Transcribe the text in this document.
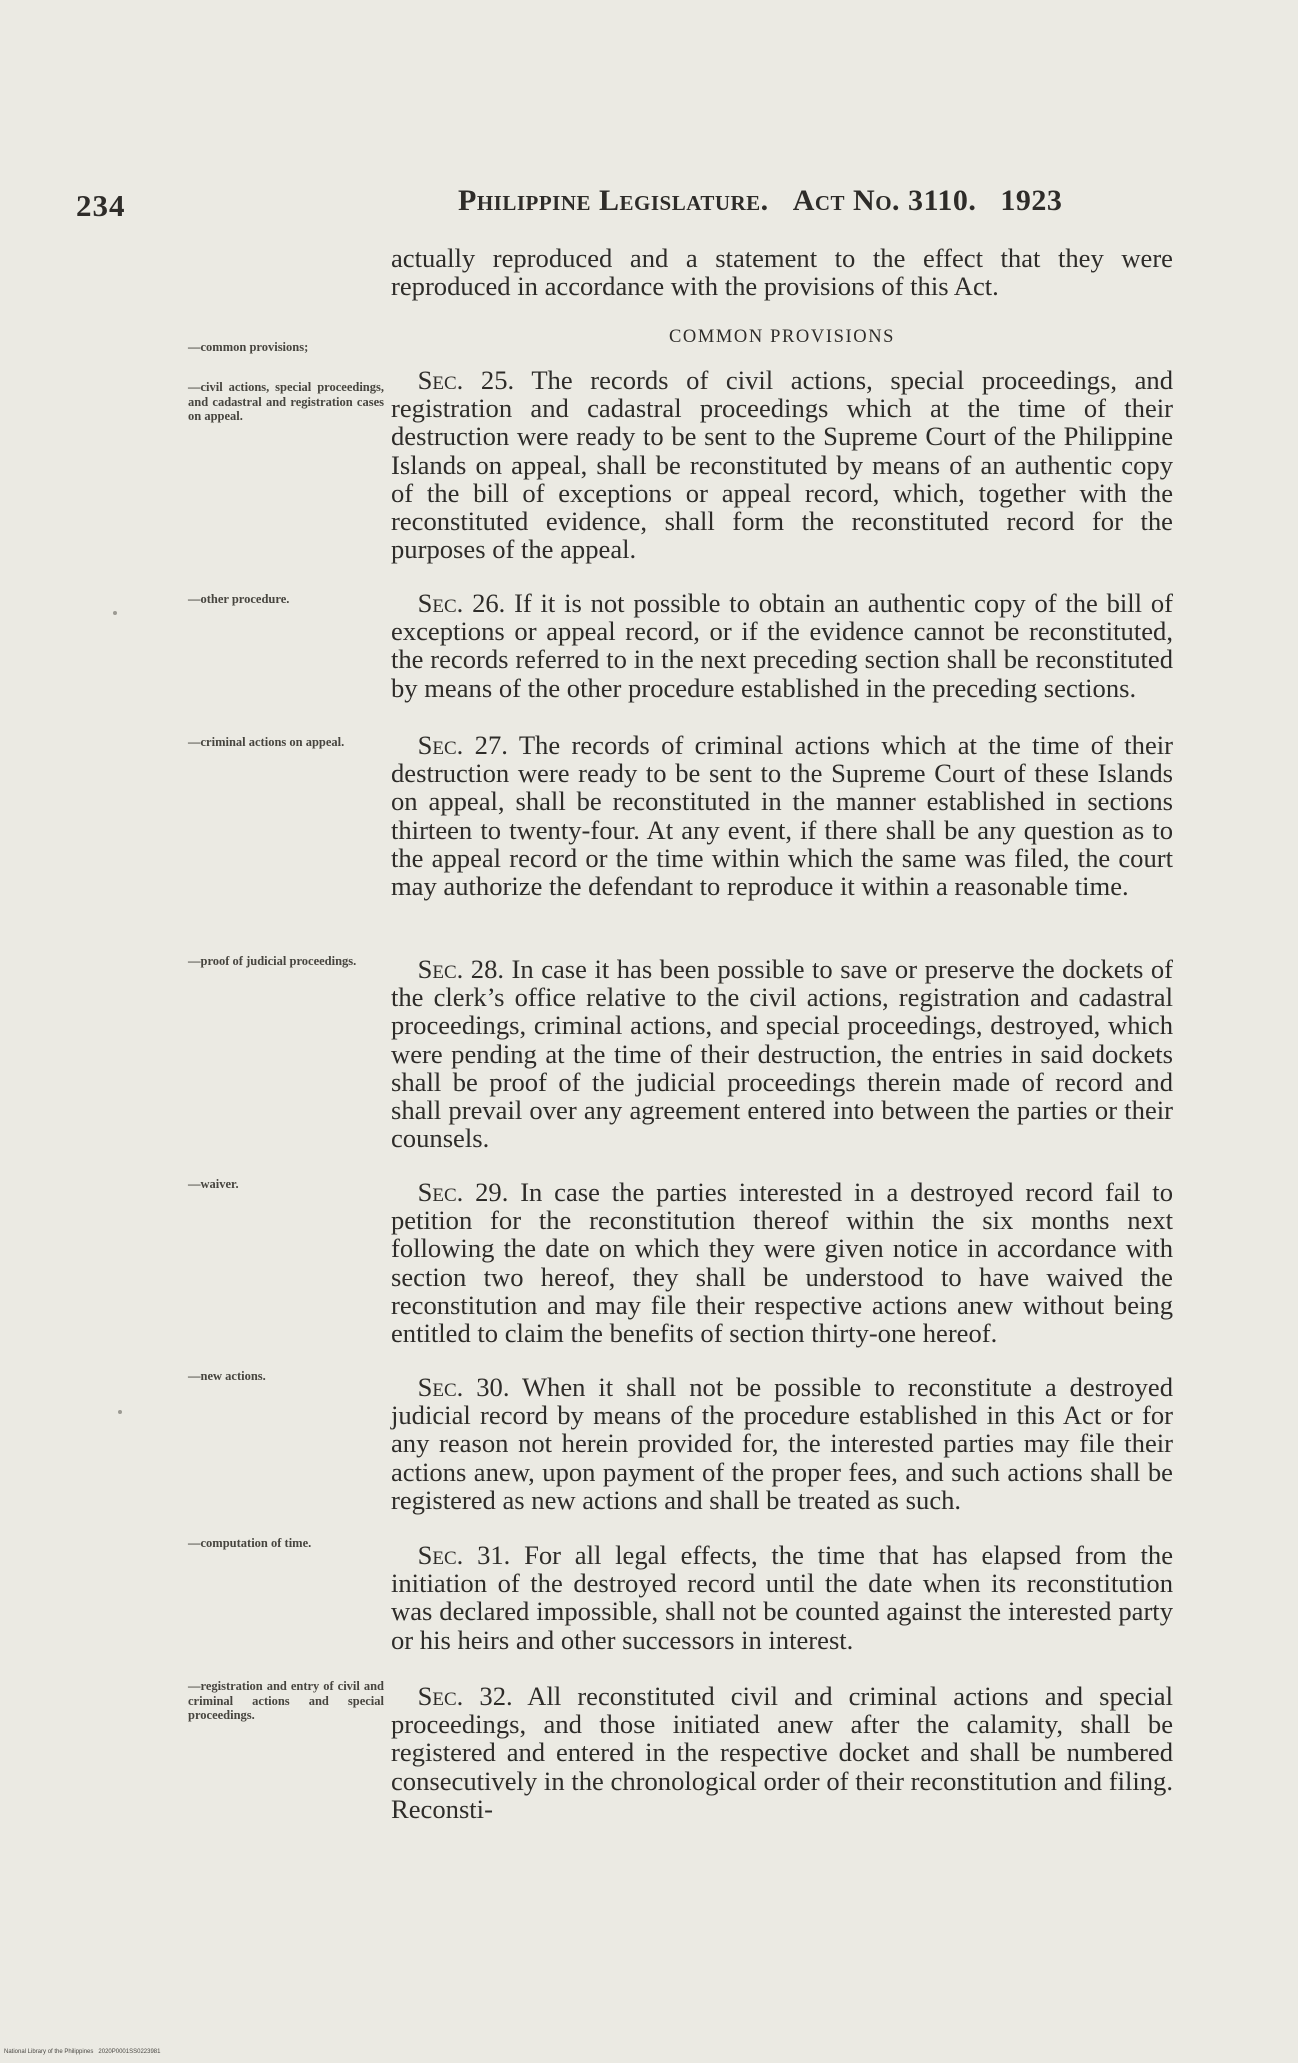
234	Philippine Legislature. Act No. 3110. 1923

actually reproduced and a statement to the effect that they were reproduced in accordance with the provisions of this Act.

COMMON PROVISIONS

—common provisions;

—civil actions, special proceedings, and cadastral and registration cases on appeal.

—other procedure.

—criminal actions on appeal.

—proof of judicial proceedings.

—waiver.

—new actions.

—computation of time.

—registration and entry of civil and criminal actions and special proceedings.

 Sec. 25. The records of civil actions, special proceedings, and registration and cadastral proceedings which at the time of their destruction were ready to be sent to the Supreme Court of the Philippine Islands on appeal, shall be reconstituted by means of an authentic copy of the bill of exceptions or appeal record, which, together with the reconstituted evidence, shall form the reconstituted record for the purposes of the appeal.

 Sec. 26. If it is not possible to obtain an authentic copy of the bill of exceptions or appeal record, or if the evidence cannot be reconstituted, the records referred to in the next preceding section shall be reconstituted by means of the other procedure established in the preceding sections.

 Sec. 27. The records of criminal actions which at the time of their destruction were ready to be sent to the Supreme Court of these Islands on appeal, shall be reconstituted in the manner established in sections thirteen to twenty-four. At any event, if there shall be any question as to the appeal record or the time within which the same was filed, the court may authorize the defendant to reproduce it within a reasonable time.

 Sec. 28. In case it has been possible to save or preserve the dockets of the clerk’s office relative to the civil actions, registration and cadastral proceedings, criminal actions, and special proceedings, destroyed, which were pending at the time of their destruction, the entries in said dockets shall be proof of the judicial proceedings therein made of record and shall prevail over any agreement entered into between the parties or their counsels.

 Sec. 29. In case the parties interested in a destroyed record fail to petition for the reconstitution thereof within the six months next following the date on which they were given notice in accordance with section two hereof, they shall be understood to have waived the reconstitution and may file their respective actions anew without being entitled to claim the benefits of section thirty-one hereof.

 Sec. 30. When it shall not be possible to reconstitute a destroyed judicial record by means of the procedure established in this Act or for any reason not herein provided for, the interested parties may file their actions anew, upon payment of the proper fees, and such actions shall be registered as new actions and shall be treated as such.

 Sec. 31. For all legal effects, the time that has elapsed from the initiation of the destroyed record until the date when its reconstitution was declared impossible, shall not be counted against the interested party or his heirs and other successors in interest.

 Sec. 32. All reconstituted civil and criminal actions and special proceedings, and those initiated anew after the calamity, shall be registered and entered in the respective docket and shall be numbered consecutively in the chronological order of their reconstitution and filing. Reconsti-

National Library of the Philippines 2020P0001SS0223981
